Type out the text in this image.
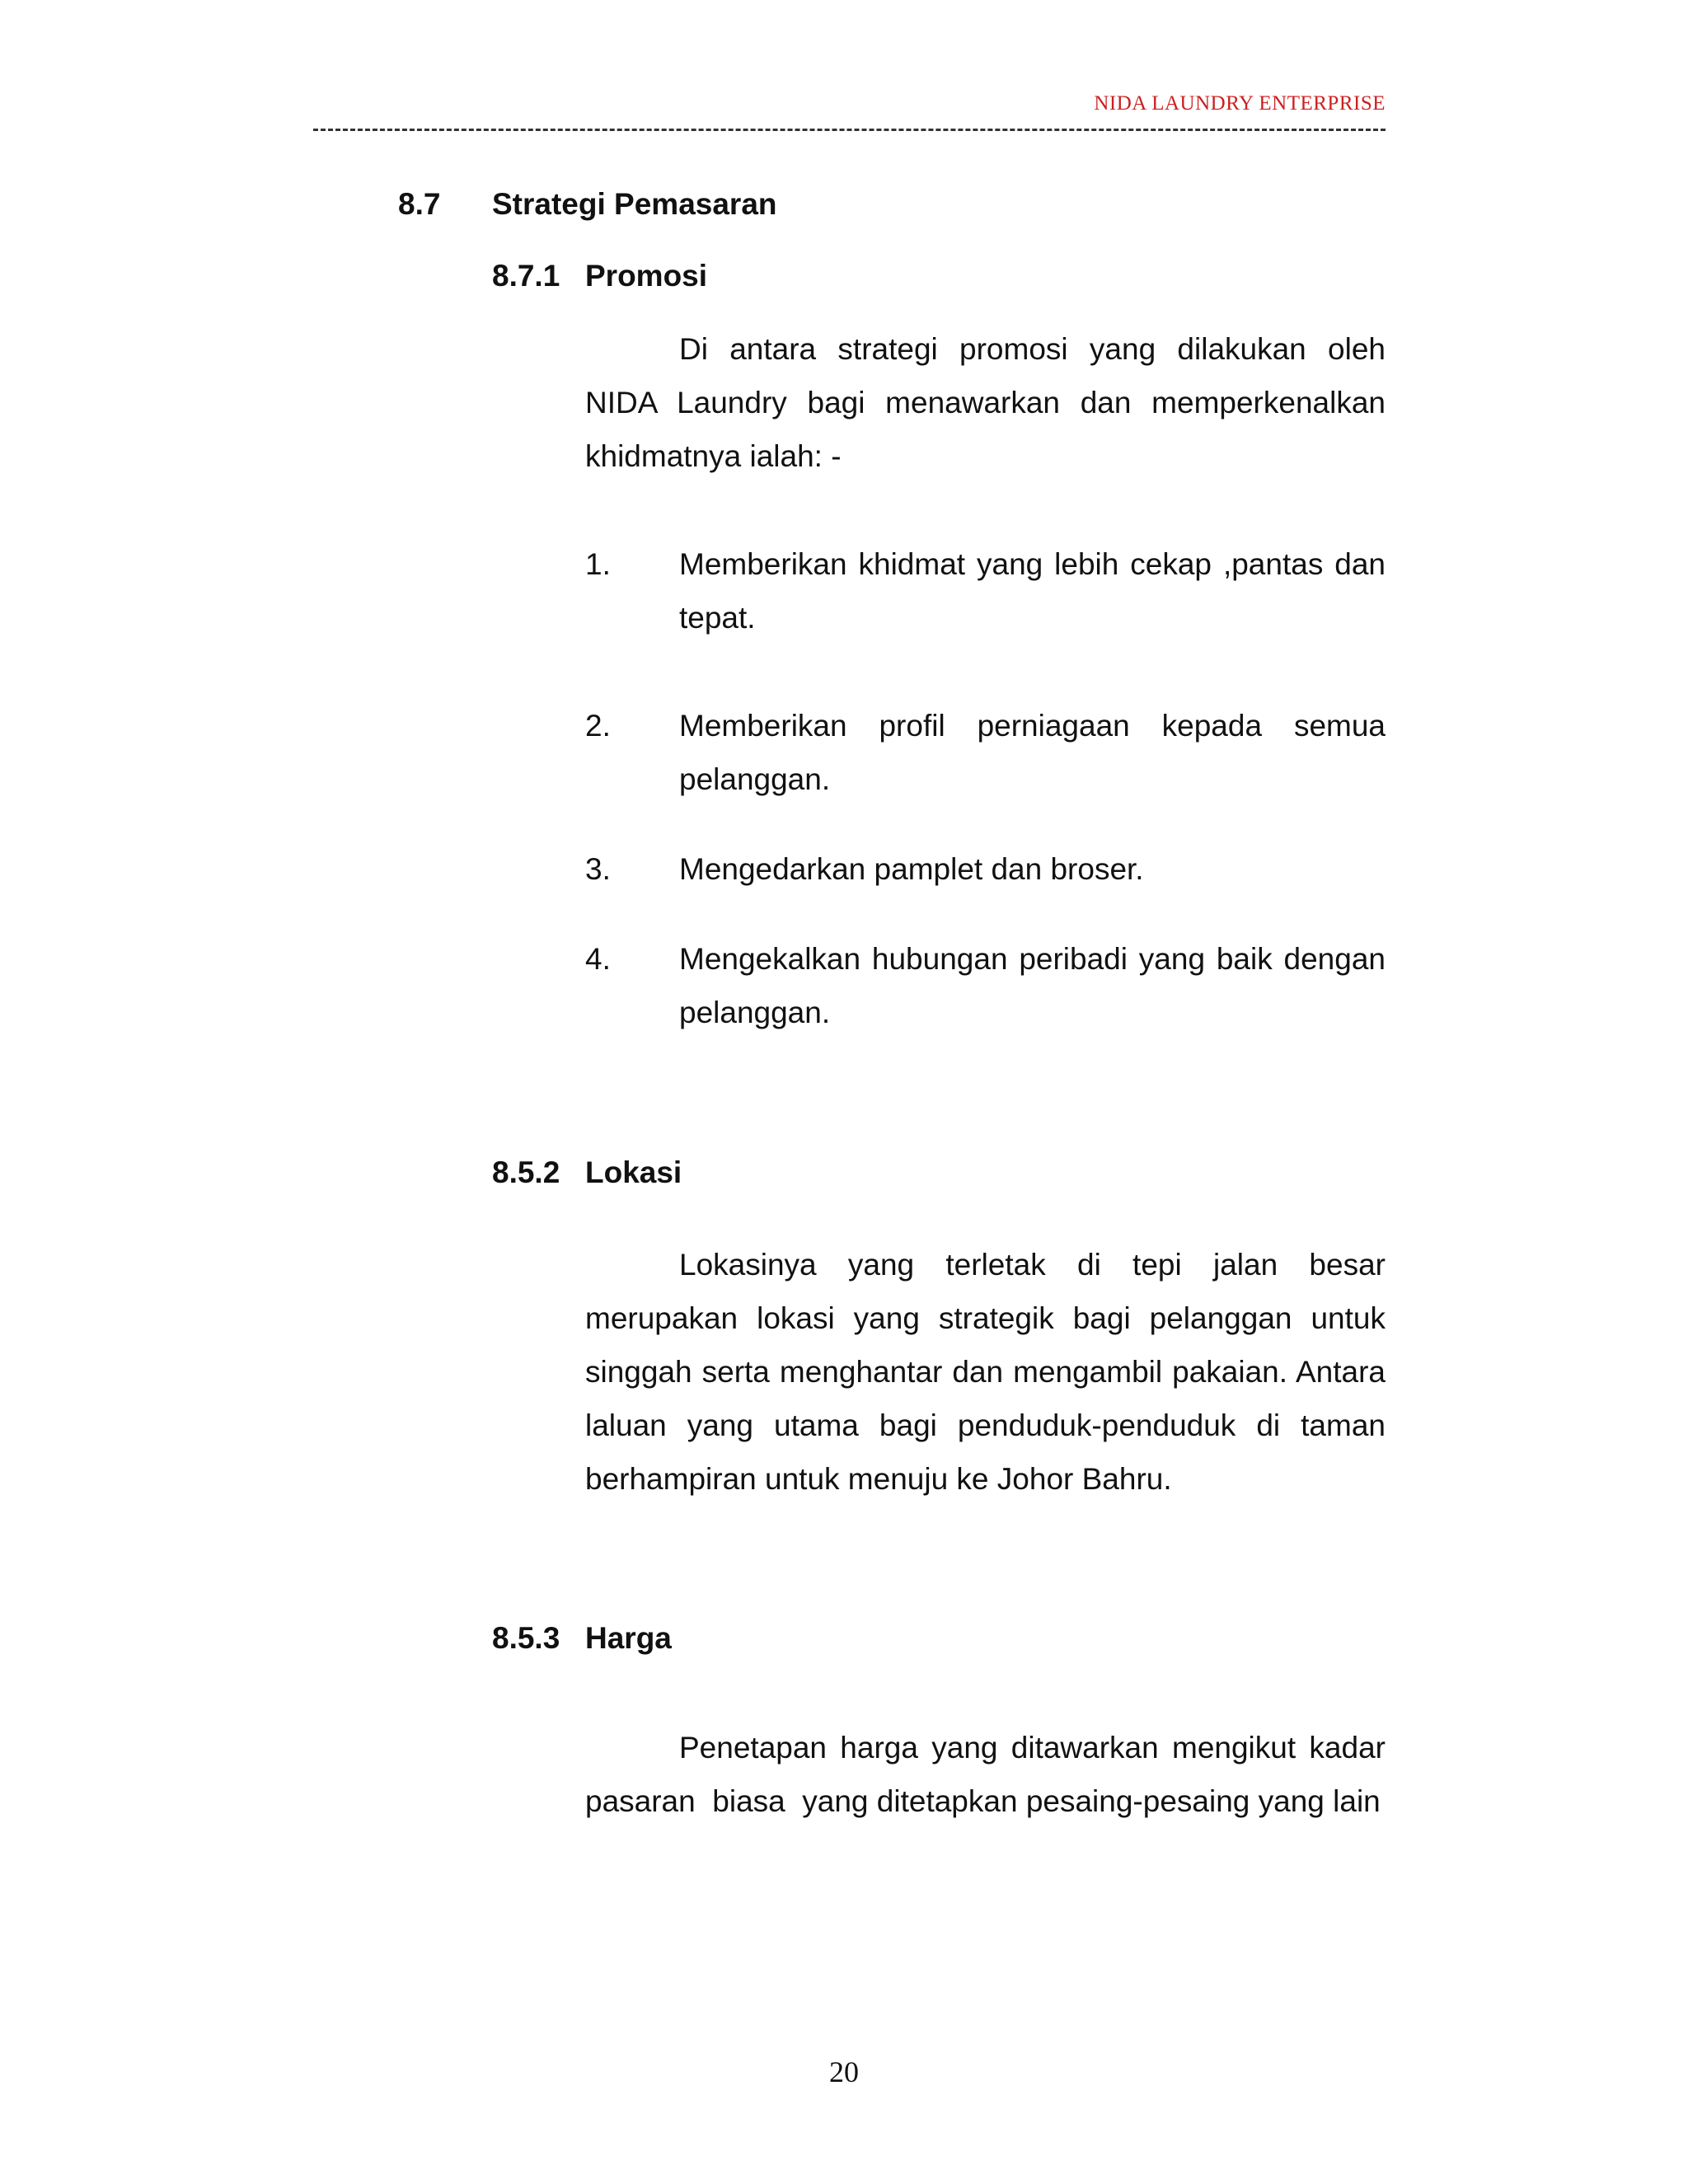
NIDA LAUNDRY ENTERPRISE
8.7 Strategi Pemasaran
8.7.1 Promosi

Di antara strategi promosi yang dilakukan oleh NIDA Laundry bagi menawarkan dan memperkenalkan khidmatnya ialah: -

1. Memberikan khidmat yang lebih cekap ,pantas dan tepat.

2. Memberikan profil perniagaan kepada semua pelanggan.

3. Mengedarkan pamplet dan broser.

4. Mengekalkan hubungan peribadi yang baik dengan pelanggan.

8.5.2 Lokasi

Lokasinya yang terletak di tepi jalan besar merupakan lokasi yang strategik bagi pelanggan untuk singgah serta menghantar dan mengambil pakaian. Antara laluan yang utama bagi penduduk-penduduk di taman berhampiran untuk menuju ke Johor Bahru.

8.5.3 Harga

Penetapan harga yang ditawarkan mengikut kadar pasaran  biasa  yang ditetapkan pesaing-pesaing yang lain

20
